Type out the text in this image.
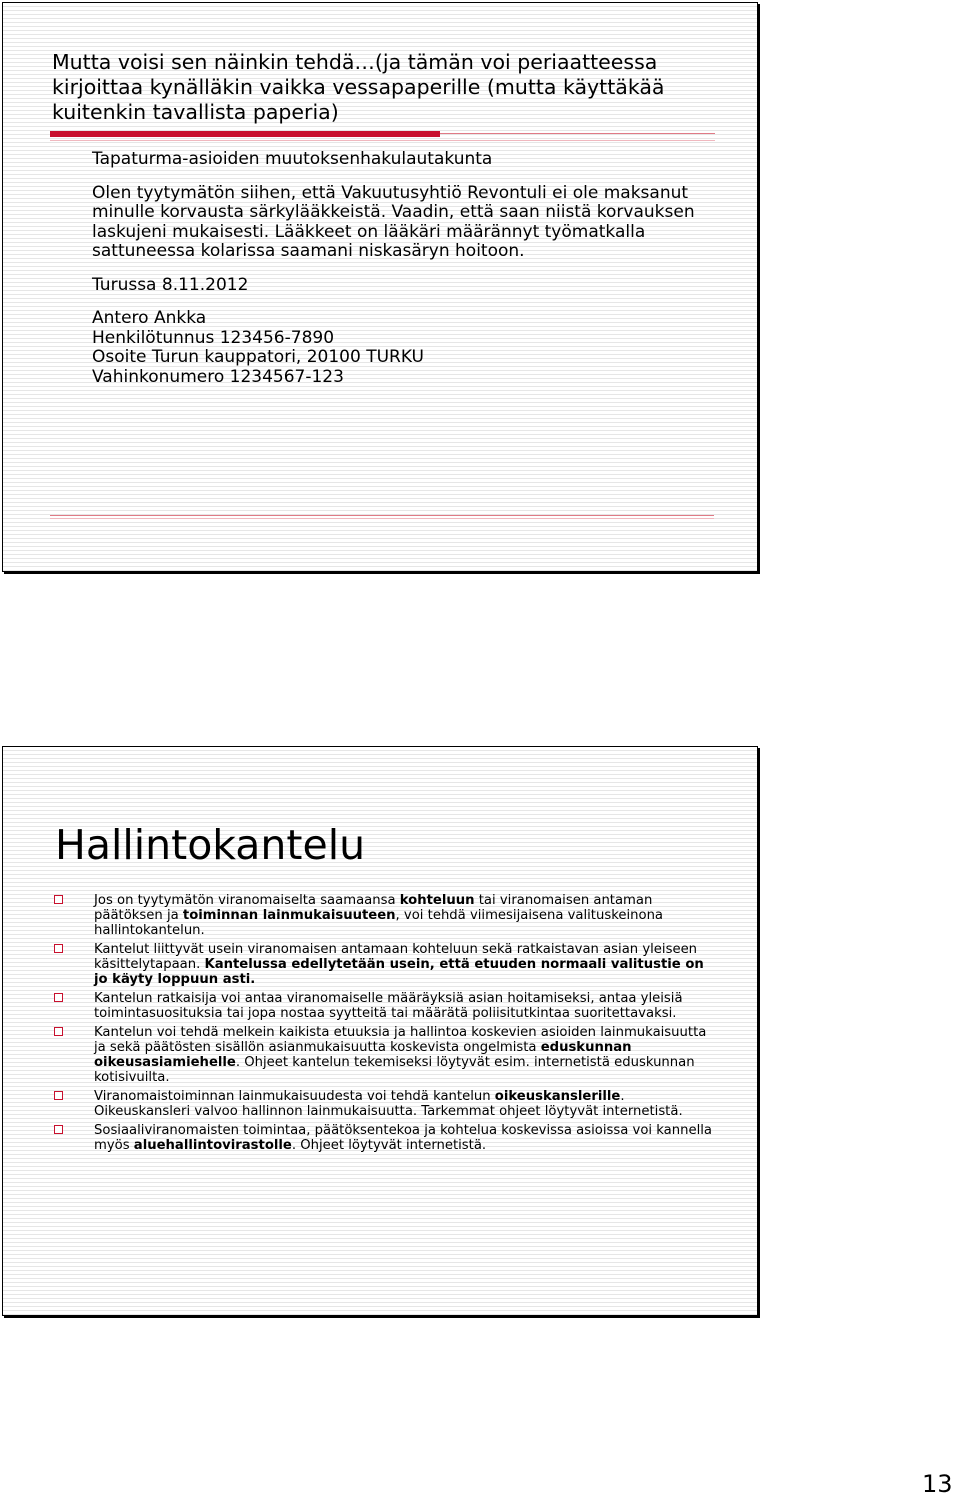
Mutta voisi sen näinkin tehdä…(ja tämän voi periaatteessa
kirjoittaa kynälläkin vaikka vessapaperille (mutta käyttäkää
kuitenkin tavallista paperia)

Tapaturma-asioiden muutoksenhakulautakunta

Olen tyytymätön siihen, että Vakuutusyhtiö Revontuli ei ole maksanut minulle korvausta särkylääkkeistä. Vaadin, että saan niistä korvauksen laskujeni mukaisesti. Lääkkeet on lääkäri määrännyt työmatkalla sattuneessa kolarissa saamani niskasäryn hoitoon.

Turussa 8.11.2012

Antero Ankka

Henkilötunnus 123456-7890

Osoite Turun kauppatori, 20100 TURKU

Vahinkonumero 1234567-123

Hallintokantelu
Jos on tyytymätön viranomaiselta saamaansa kohteluun tai viranomaisen antaman päätöksen ja toiminnan lainmukaisuuteen, voi tehdä viimesijaisena valituskeinona hallintokantelun.
Kantelut liittyvät usein viranomaisen antamaan kohteluun sekä ratkaistavan asian yleiseen käsittelytapaan. Kantelussa edellytetään usein, että etuuden normaali valitustie on jo käyty loppuun asti.
Kantelun ratkaisija voi antaa viranomaiselle määräyksiä asian hoitamiseksi, antaa yleisiä toimintasuosituksia tai jopa nostaa syytteitä tai määrätä poliisitutkintaa suoritettavaksi.
Kantelun voi tehdä melkein kaikista etuuksia ja hallintoa koskevien asioiden lainmukaisuutta ja sekä päätösten sisällön asianmukaisuutta koskevista ongelmista eduskunnan oikeusasiamiehelle. Ohjeet kantelun tekemiseksi löytyvät esim. internetistä eduskunnan kotisivuilta.
Viranomaistoiminnan lainmukaisuudesta voi tehdä kantelun oikeuskanslerille. Oikeuskansleri valvoo hallinnon lainmukaisuutta. Tarkemmat ohjeet löytyvät internetistä.
Sosiaaliviranomaisten toimintaa, päätöksentekoa ja kohtelua koskevissa asioissa voi kannella myös aluehallintovirastolle. Ohjeet löytyvät internetistä.
13
